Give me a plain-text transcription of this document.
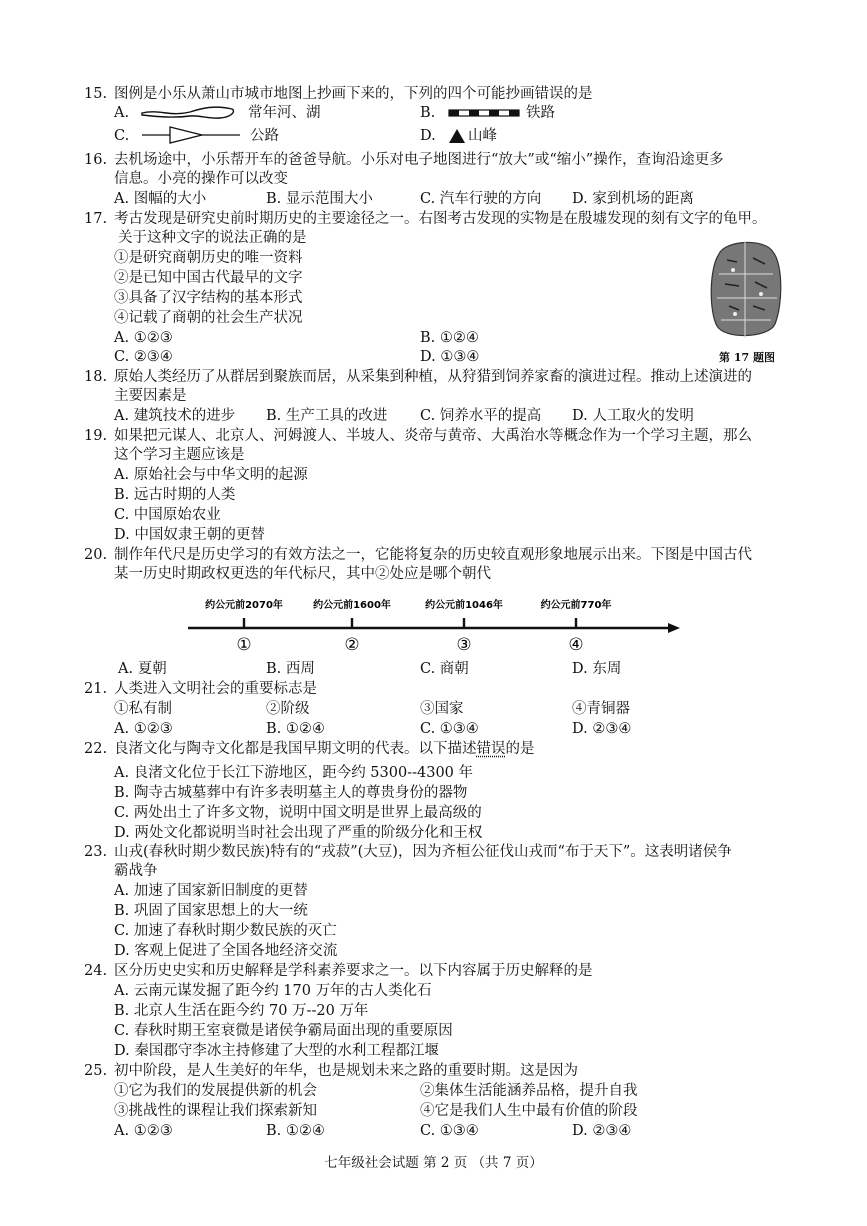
15. 图例是小乐从萧山市城市地图上抄画下来的，下列的四个可能抄画错误的是
A.	常年河、湖	B.	铁路
C.	公路	D. 山峰
16. 去机场途中，小乐帮开车的爸爸导航。小乐对电子地图进行“放大”或“缩小”操作，查询沿途更多
信息。小亮的操作可以改变
A. 图幅的大小	B. 显示范围大小	C. 汽车行驶的方向 D. 家到机场的距离
17. 考古发现是研究史前时期历史的主要途径之一。右图考古发现的实物是在殷墟发现的刻有文字的龟甲。
关于这种文字的说法正确的是
①是研究商朝历史的唯一资料
②是已知中国古代最早的文字
③具备了汉字结构的基本形式
④记载了商朝的社会生产状况
A. ①②③	B. ①②④
C. ②③④	D. ①③④	第 17 题图
18. 原始人类经历了从群居到聚族而居，从采集到种植，从狩猎到饲养家畜的演进过程。推动上述演进的
主要因素是
A. 建筑技术的进步 B. 生产工具的改进 C. 饲养水平的提高 D. 人工取火的发明
19. 如果把元谋人、北京人、河姆渡人、半坡人、炎帝与黄帝、大禹治水等概念作为一个学习主题，那么
这个学习主题应该是
A. 原始社会与中华文明的起源
B. 远古时期的人类
C. 中国原始农业
D. 中国奴隶王朝的更替
20. 制作年代尺是历史学习的有效方法之一，它能将复杂的历史较直观形象地展示出来。下图是中国古代
某一历史时期政权更迭的年代标尺，其中②处应是哪个朝代
约公元前2070年
①
约公元前1600年
②
约公元前1046年
③
约公元前770年
④
A. 夏朝	B. 西周	C. 商朝	D. 东周
21. 人类进入文明社会的重要标志是
①私有制	②阶级	③国家	④青铜器
A. ①②③	B. ①②④	C. ①③④	D. ②③④
22. 良渚文化与陶寺文化都是我国早期文明的代表。以下描述错误的是
A. 良渚文化位于长江下游地区，距今约 5300--4300 年
B. 陶寺古城墓葬中有许多表明墓主人的尊贵身份的器物
C. 两处出土了许多文物，说明中国文明是世界上最高级的
D. 两处文化都说明当时社会出现了严重的阶级分化和王权
23. 山戎(春秋时期少数民族)特有的“戎菽”(大豆)，因为齐桓公征伐山戎而“布于天下”。这表明诸侯争
霸战争
A. 加速了国家新旧制度的更替
B. 巩固了国家思想上的大一统
C. 加速了春秋时期少数民族的灭亡
D. 客观上促进了全国各地经济交流
24. 区分历史史实和历史解释是学科素养要求之一。以下内容属于历史解释的是
A. 云南元谋发掘了距今约 170 万年的古人类化石
B. 北京人生活在距今约 70 万--20 万年
C. 春秋时期王室衰微是诸侯争霸局面出现的重要原因
D. 秦国郡守李冰主持修建了大型的水利工程都江堰
25. 初中阶段，是人生美好的年华，也是规划未来之路的重要时期。这是因为
①它为我们的发展提供新的机会	②集体生活能涵养品格，提升自我
③挑战性的课程让我们探索新知	④它是我们人生中最有价值的阶段
A. ①②③	B. ①②④	C. ①③④	D. ②③④
七年级社会试题 第 2 页 （共 7 页）
